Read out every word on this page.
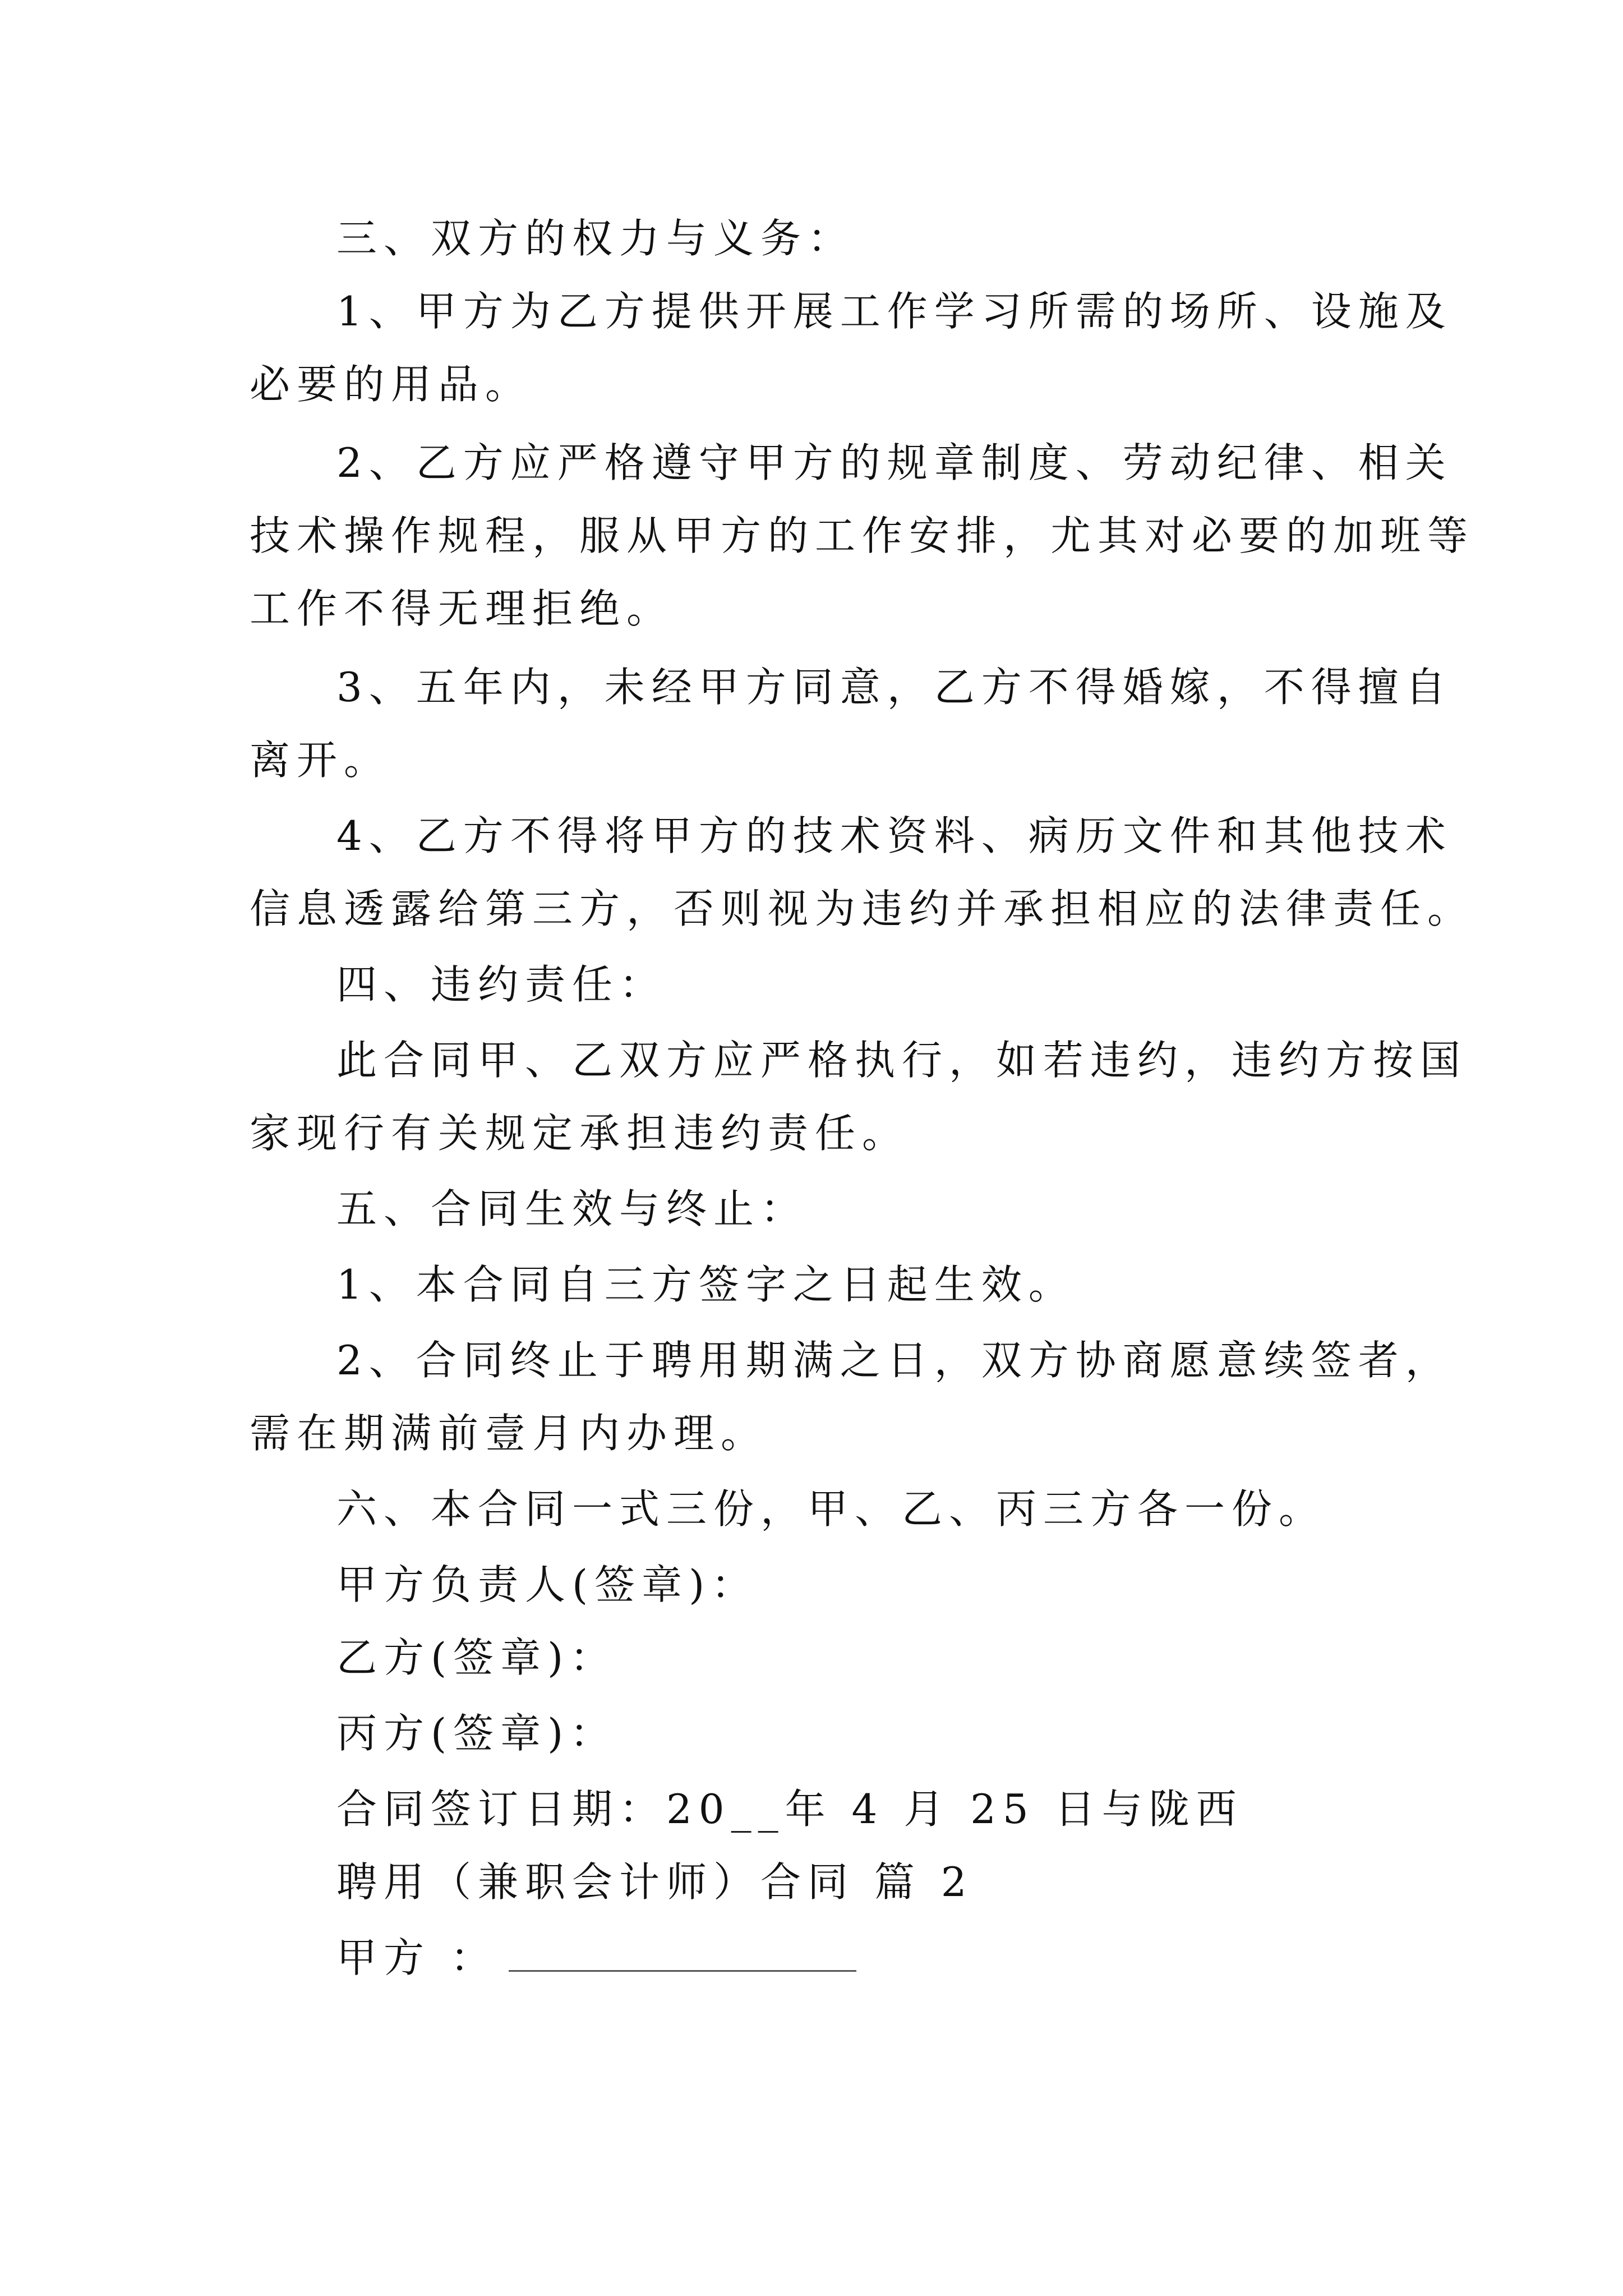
三、双方的权力与义务：
1、甲方为乙方提供开展工作学习所需的场所、设施及
必要的用品。
2、乙方应严格遵守甲方的规章制度、劳动纪律、相关
技术操作规程，服从甲方的工作安排，尤其对必要的加班等
工作不得无理拒绝。
3、五年内，未经甲方同意，乙方不得婚嫁，不得擅自
离开。
4、乙方不得将甲方的技术资料、病历文件和其他技术
信息透露给第三方，否则视为违约并承担相应的法律责任。
四、违约责任：
此合同甲、乙双方应严格执行，如若违约，违约方按国
家现行有关规定承担违约责任。
五、合同生效与终止：
1、本合同自三方签字之日起生效。
2、合同终止于聘用期满之日，双方协商愿意续签者，
需在期满前壹月内办理。
六、本合同一式三份，甲、乙、丙三方各一份。
甲方负责人(签章)：
乙方(签章)：
丙方(签章)：
合同签订日期：20__年 4 月 25 日与陇西
聘用（兼职会计师）合同 篇 2
甲方 ：
